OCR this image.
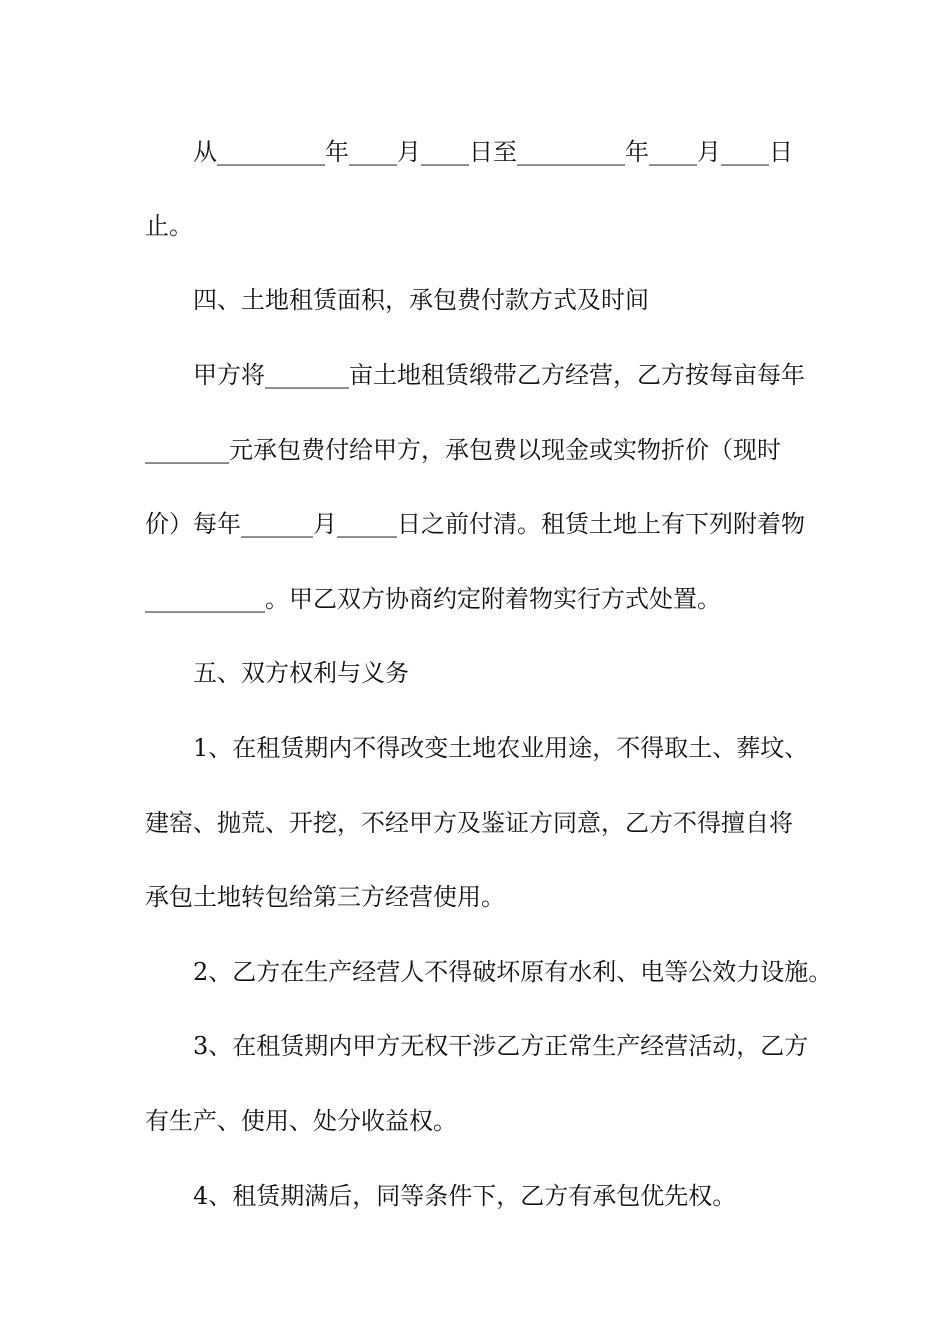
从_________年____月____日至_________年____月____日
止。
四、土地租赁面积，承包费付款方式及时间
甲方将_______亩土地租赁缎带乙方经营，乙方按每亩每年
_______元承包费付给甲方，承包费以现金或实物折价（现时
价）每年______月_____日之前付清。租赁土地上有下列附着物
__________。甲乙双方协商约定附着物实行方式处置。
五、双方权利与义务
1、在租赁期内不得改变土地农业用途，不得取土、葬坟、
建窑、抛荒、开挖，不经甲方及鉴证方同意，乙方不得擅自将
承包土地转包给第三方经营使用。
2、乙方在生产经营人不得破坏原有水利、电等公效力设施。
3、在租赁期内甲方无权干涉乙方正常生产经营活动，乙方
有生产、使用、处分收益权。
4、租赁期满后，同等条件下，乙方有承包优先权。
